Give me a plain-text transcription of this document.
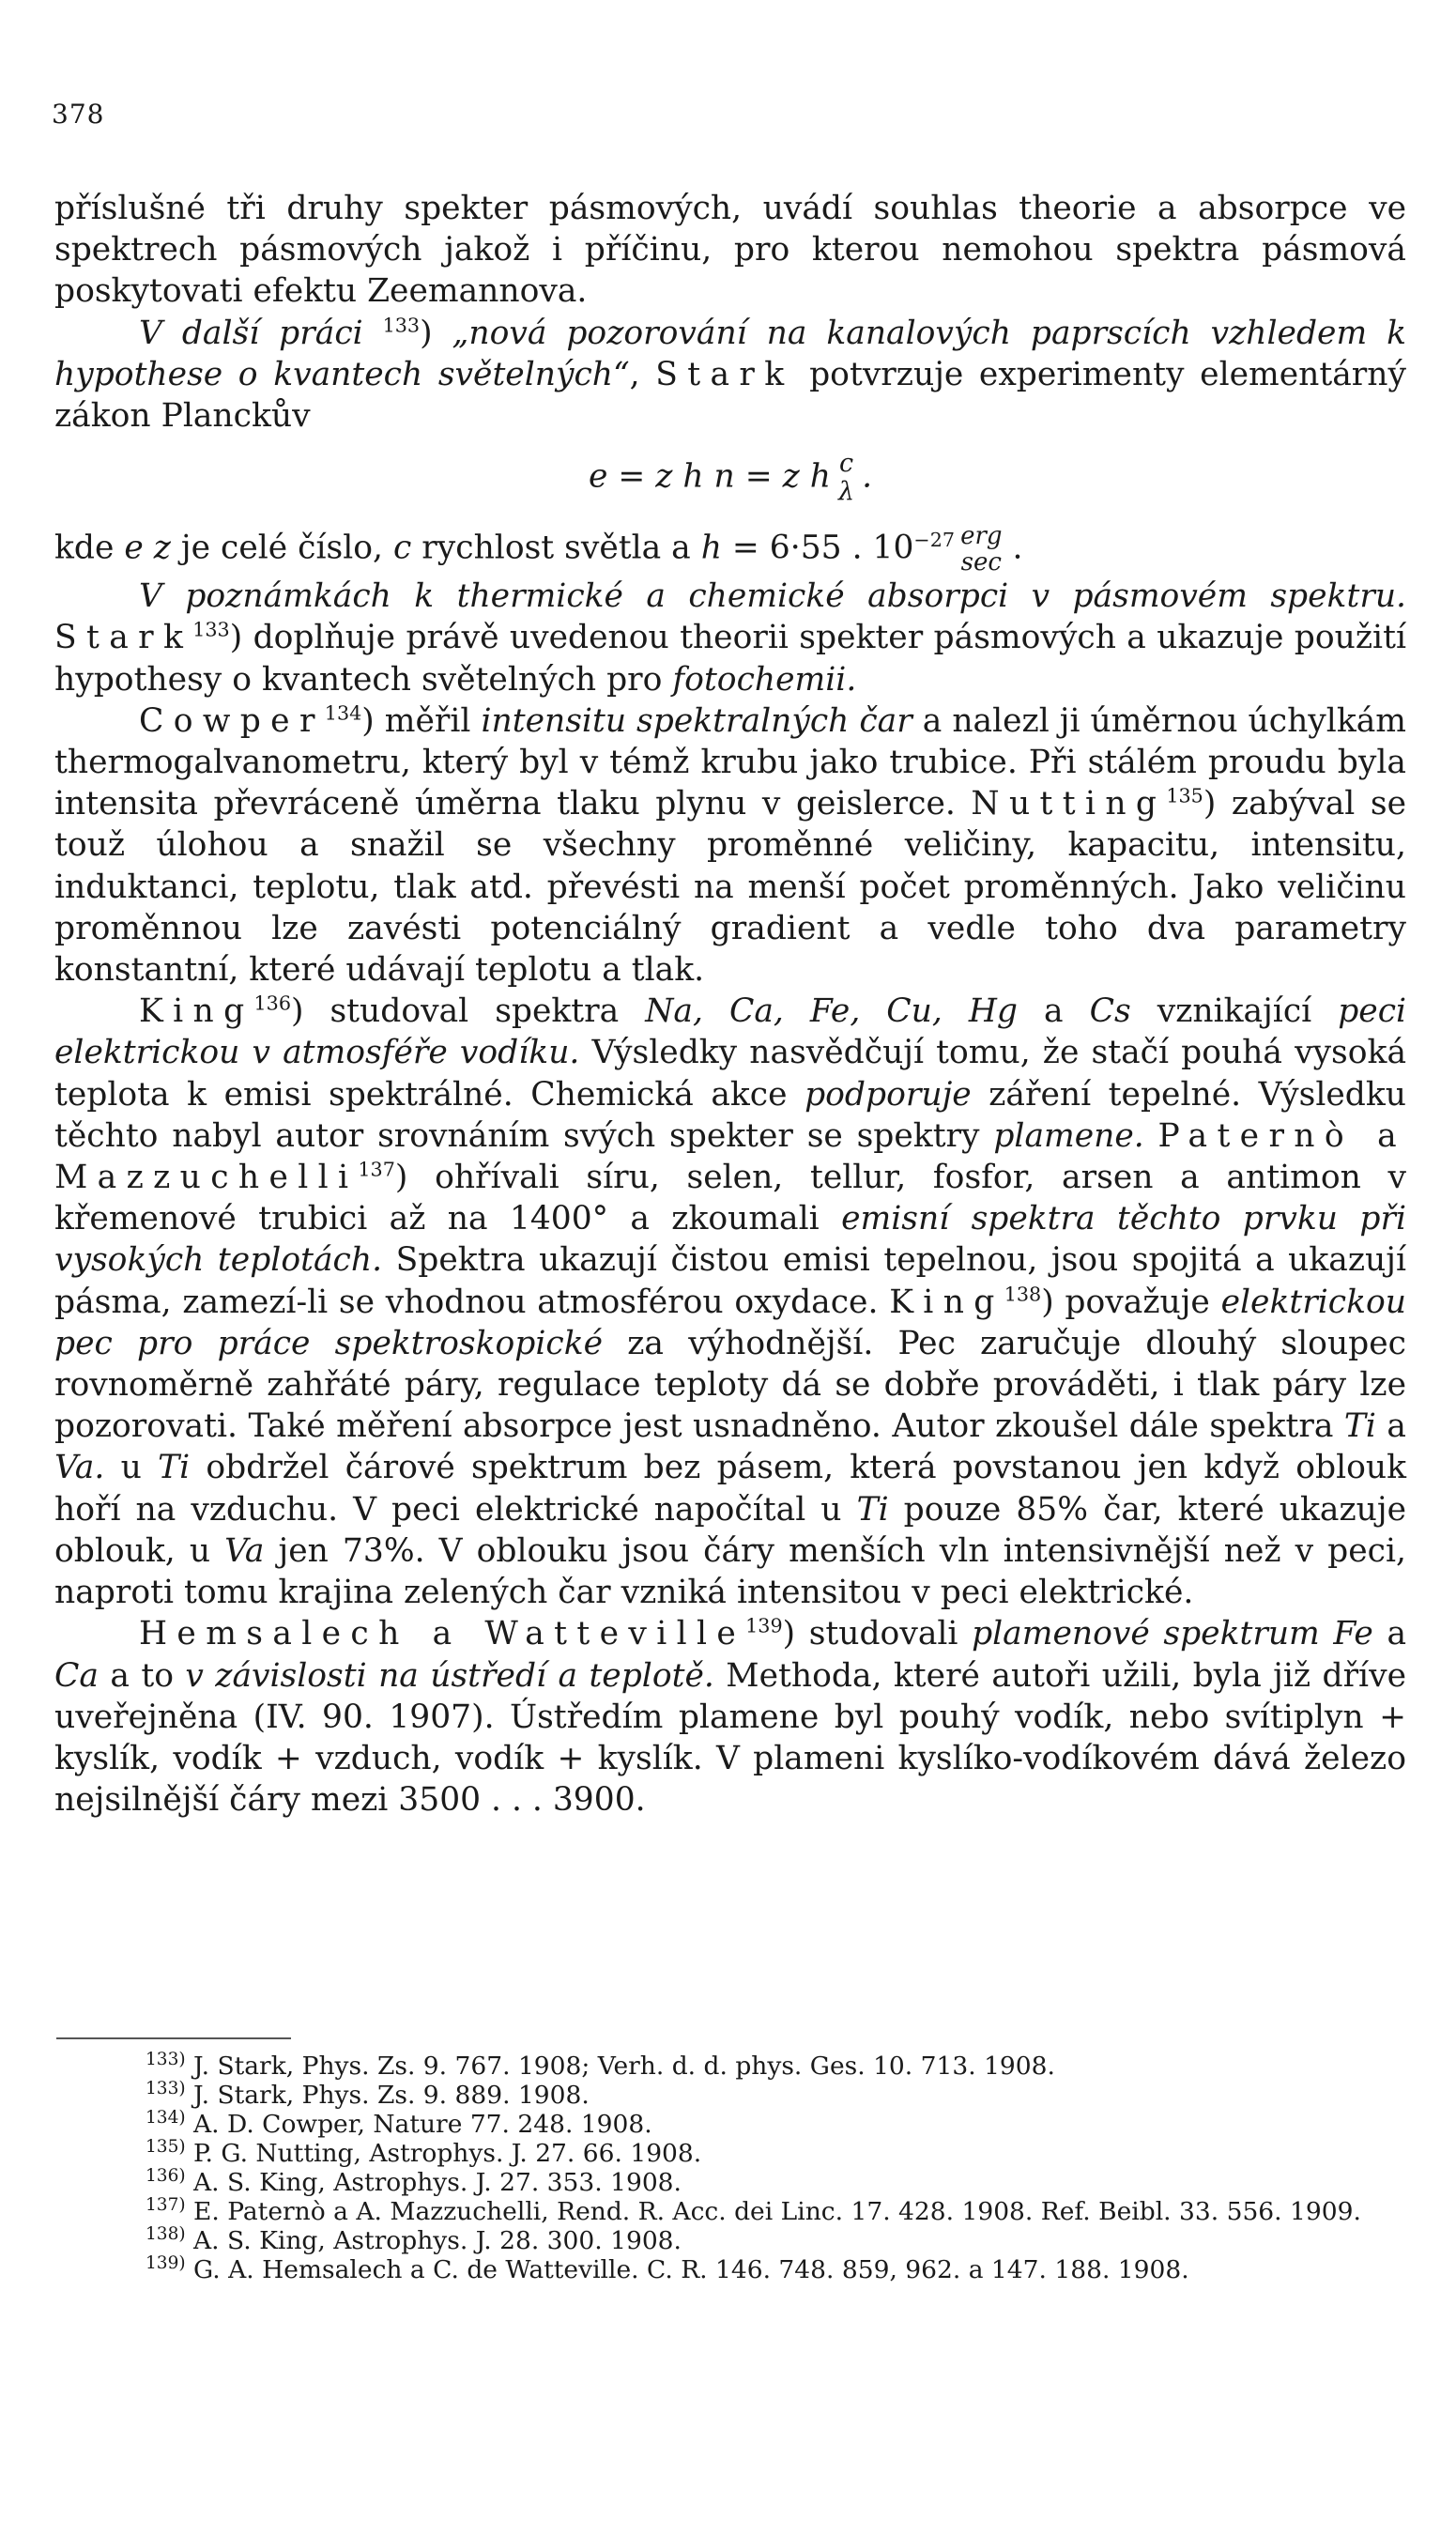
378

příslušné tři druhy spekter pásmových, uvádí souhlas theorie a absorpce ve spektrech pásmových jakož i příčinu, pro kterou nemohou spektra pásmová poskytovati efektu Zeemannova.

V další práci $^{133}$) „nová pozorování na kanalových paprscích vzhledem k hypothese o kvantech světelných“, Stark potvrzuje experimenty elementárný zákon Planckův

e = z h n = z h c
λ .

kde e z je celé číslo, c rychlost světla a h = 6·55 . $10^{-27}$ erg
sec .

V poznámkách k thermické a chemické absorpci v pásmovém spektru. Stark$^{133}$) doplňuje právě uvedenou theorii spekter pásmových a ukazuje použití hypothesy o kvantech světelných pro fotochemii.

Cowper$^{134}$) měřil intensitu spektralných čar a nalezl ji úměrnou úchylkám thermogalvanometru, který byl v témž krubu jako trubice. Při stálém proudu byla intensita převráceně úměrna tlaku plynu v geislerce. Nutting$^{135}$) zabýval se touž úlohou a snažil se všechny proměnné veličiny, kapacitu, intensitu, induktanci, teplotu, tlak atd. převésti na menší počet proměnných. Jako veličinu proměnnou lze zavésti potenciálný gradient a vedle toho dva parametry konstantní, které udávají teplotu a tlak.

King$^{136}$) studoval spektra Na, Ca, Fe, Cu, Hg a Cs vznikající peci elektrickou v atmosféře vodíku. Výsledky nasvědčují tomu, že stačí pouhá vysoká teplota k emisi spektrálné. Chemická akce podporuje záření tepelné. Výsledku těchto nabyl autor srovnáním svých spekter se spektry plamene. Paternò a Mazzuchelli$^{137}$) ohřívali síru, selen, tellur, fosfor, arsen a antimon v křemenové trubici až na 1400° a zkoumali emisní spektra těchto prvku při vysokých teplotách. Spektra ukazují čistou emisi tepelnou, jsou spojitá a ukazují pásma, zamezí-li se vhodnou atmosférou oxydace. King$^{138}$) považuje elektrickou pec pro práce spektroskopické za výhodnější. Pec zaručuje dlouhý sloupec rovnoměrně zahřáté páry, regulace teploty dá se dobře prováděti, i tlak páry lze pozorovati. Také měření absorpce jest usnadněno. Autor zkoušel dále spektra Ti a Va. u Ti obdržel čárové spektrum bez pásem, která povstanou jen když oblouk hoří na vzduchu. V peci elektrické napočítal u Ti pouze 85% čar, které ukazuje oblouk, u Va jen 73%. V oblouku jsou čáry menších vln intensivnější než v peci, naproti tomu krajina zelených čar vzniká intensitou v peci elektrické.

Hemsalech a Watteville$^{139}$) studovali plamenové spektrum Fe a Ca a to v závislosti na ústředí a teplotě. Methoda, které autoři užili, byla již dříve uveřejněna (IV. 90. 1907). Ústředím plamene byl pouhý vodík, nebo svítiplyn + kyslík, vodík + vzduch, vodík + kyslík. V plameni kyslíko-vodíkovém dává železo nejsilnější čáry mezi 3500 . . . 3900.

$^{133)}$ J. Stark, Phys. Zs. 9. 767. 1908; Verh. d. d. phys. Ges. 10. 713. 1908.

$^{133)}$ J. Stark, Phys. Zs. 9. 889. 1908.

$^{134)}$ A. D. Cowper, Nature 77. 248. 1908.

$^{135)}$ P. G. Nutting, Astrophys. J. 27. 66. 1908.

$^{136)}$ A. S. King, Astrophys. J. 27. 353. 1908.

$^{137)}$ E. Paternò a A. Mazzuchelli, Rend. R. Acc. dei Linc. 17. 428. 1908. Ref. Beibl. 33. 556. 1909.

$^{138)}$ A. S. King, Astrophys. J. 28. 300. 1908.

$^{139)}$ G. A. Hemsalech a C. de Watteville. C. R. 146. 748. 859, 962. a 147. 188. 1908.
